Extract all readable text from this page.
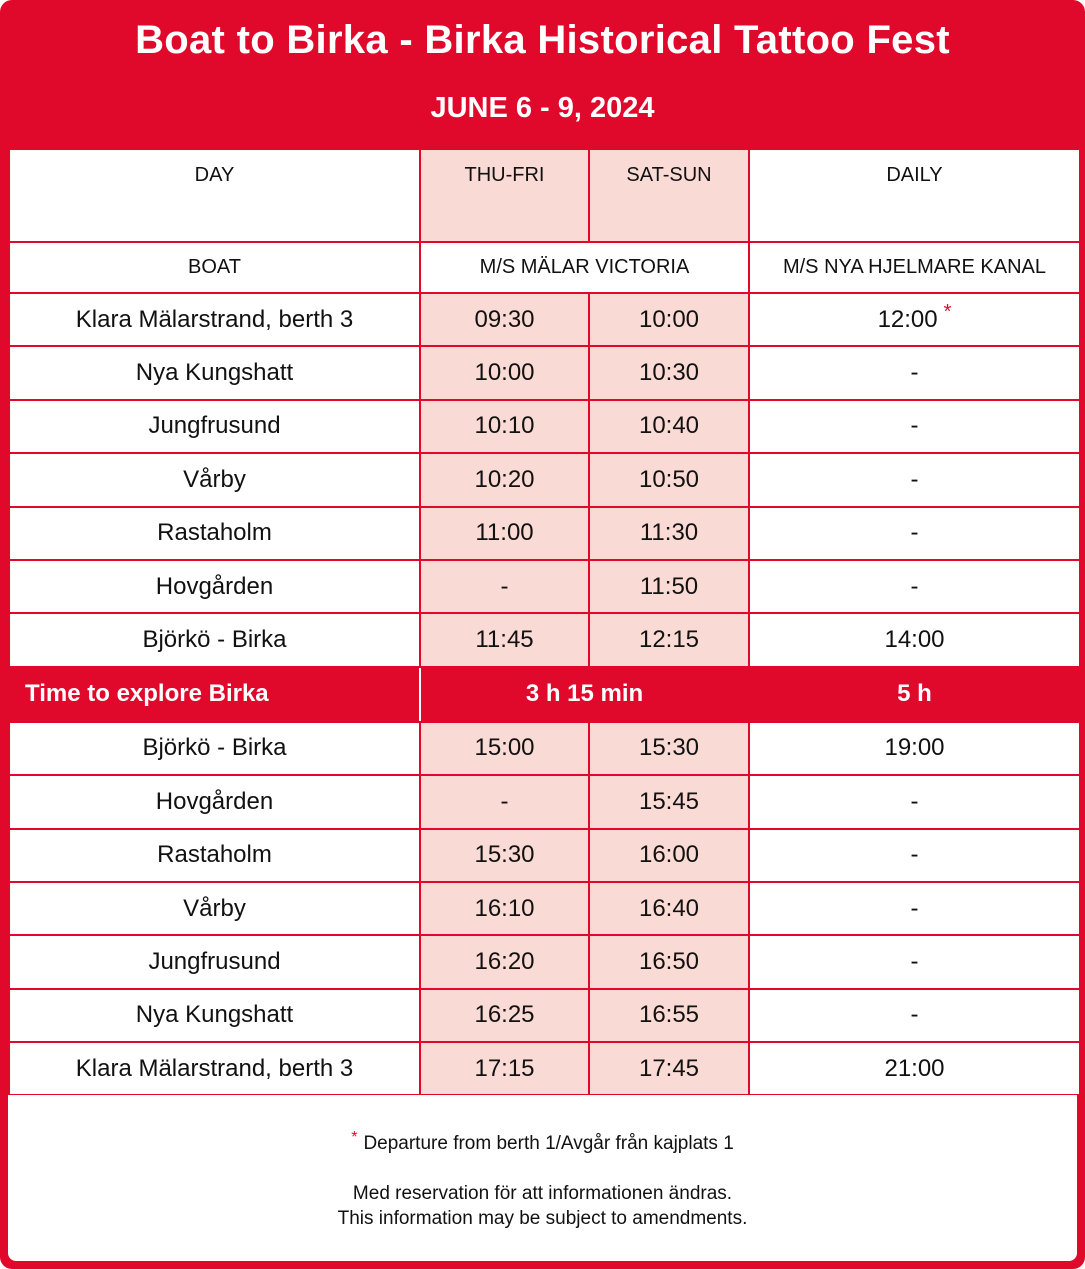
Boat to Birka - Birka Historical Tattoo Fest
JUNE 6 - 9, 2024
DAY	THU-FRI	SAT-SUN	DAILY
BOAT	M/S MÄLAR VICTORIA		M/S NYA HJELMARE KANAL
Klara Mälarstrand, berth 3	09:30	10:00	12:00 *
Nya Kungshatt	10:00	10:30	-
Jungfrusund	10:10	10:40	-
Vårby	10:20	10:50	-
Rastaholm	11:00	11:30	-
Hovgården	-	11:50	-
Björkö - Birka	11:45	12:15	14:00
Time to explore Birka	3 h 15 min		5 h
Björkö - Birka	15:00	15:30	19:00
Hovgården	-	15:45	-
Rastaholm	15:30	16:00	-
Vårby	16:10	16:40	-
Jungfrusund	16:20	16:50	-
Nya Kungshatt	16:25	16:55	-
Klara Mälarstrand, berth 3	17:15	17:45	21:00
* Departure from berth 1/Avgår från kajplats 1
Med reservation för att informationen ändras.
This information may be subject to amendments.
